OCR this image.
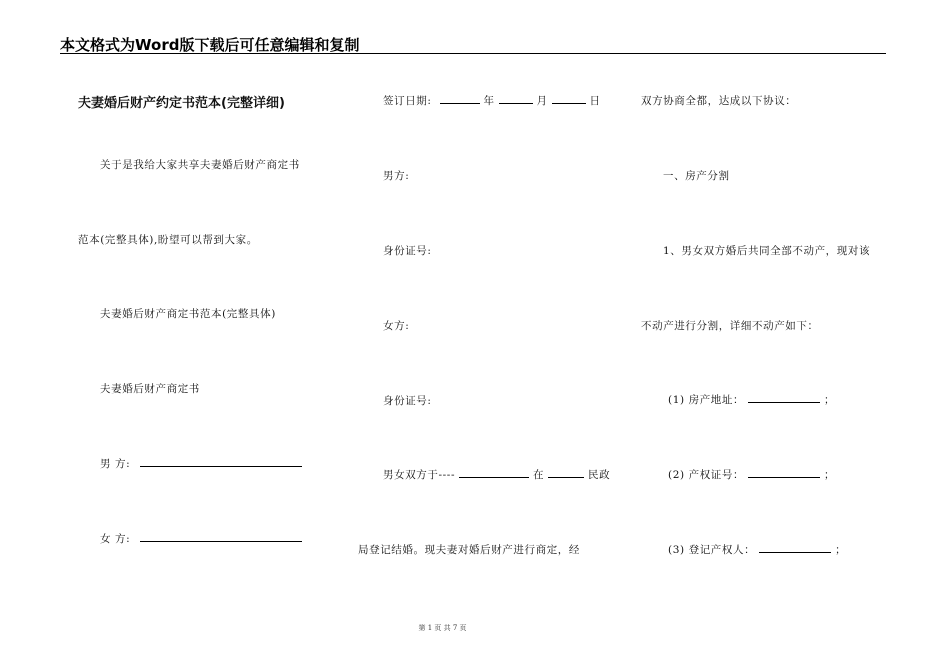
本文格式为Word版下载后可任意编辑和复制
夫妻婚后财产约定书范本(完整详细)
关于是我给大家共享夫妻婚后财产商定书
范本(完整具体),盼望可以帮到大家。
夫妻婚后财产商定书范本(完整具体)
夫妻婚后财产商定书
男 方:
女 方:
签订日期:	年	月	日
男方:
身份证号:
女方:
身份证号:
男女双方于----	在	民政
局登记结婚。现夫妻对婚后财产进行商定，经
双方协商全都，达成以下协议：
一、房产分割
1、男女双方婚后共同全部不动产，现对该
不动产进行分割，详细不动产如下：
(1) 房产地址：	；
(2) 产权证号：	；
(3) 登记产权人：	；
第 1 页 共 7 页
